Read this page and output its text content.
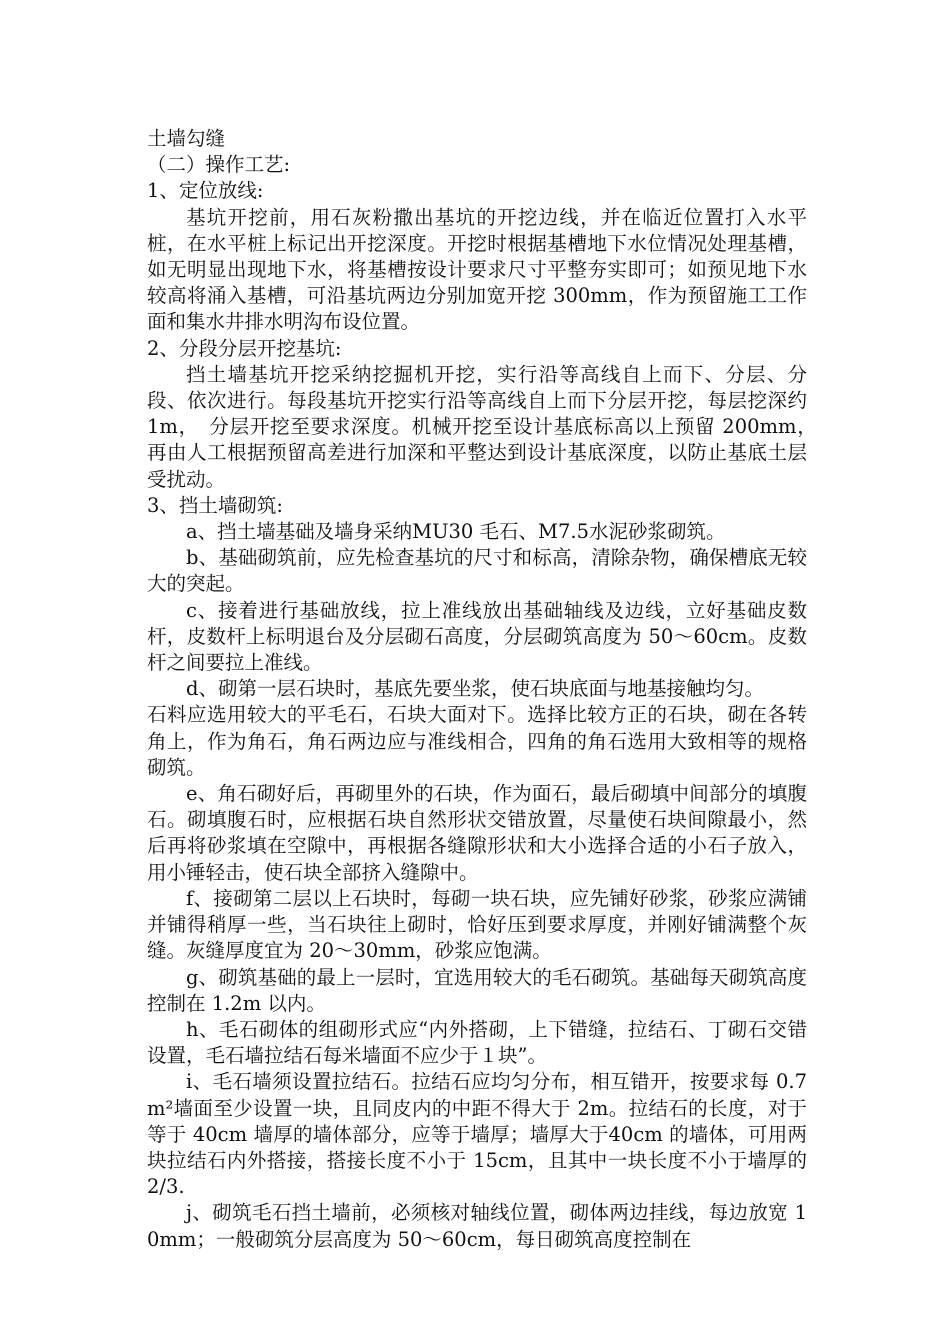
土墙勾缝

（二）操作工艺:

1、定位放线:

基坑开挖前，用石灰粉撒出基坑的开挖边线，并在临近位置打入水平桩，在水平桩上标记出开挖深度。开挖时根据基槽地下水位情况处理基槽，如无明显出现地下水，将基槽按设计要求尺寸平整夯实即可；如预见地下水较高将涌入基槽，可沿基坑两边分别加宽开挖 300mm，作为预留施工工作面和集水井排水明沟布设位置。

2、分段分层开挖基坑:

挡土墙基坑开挖采纳挖掘机开挖，实行沿等高线自上而下、分层、分段、依次进行。每段基坑开挖实行沿等高线自上而下分层开挖，每层挖深约 1m，　分层开挖至要求深度。机械开挖至设计基底标高以上预留 200mm，　再由人工根据预留高差进行加深和平整达到设计基底深度，以防止基底土层受扰动。

3、挡土墙砌筑:

a、挡土墙基础及墙身采纳MU30 毛石、M7.5水泥砂浆砌筑。

b、基础砌筑前，应先检查基坑的尺寸和标高，清除杂物，确保槽底无较大的突起。

c、接着进行基础放线，拉上准线放出基础轴线及边线，立好基础皮数杆，皮数杆上标明退台及分层砌石高度，分层砌筑高度为 50～60cm。皮数杆之间要拉上准线。

d、砌第一层石块时，基底先要坐浆，使石块底面与地基接触均匀。

石料应选用较大的平毛石，石块大面对下。选择比较方正的石块，砌在各转角上，作为角石，角石两边应与准线相合，四角的角石选用大致相等的规格砌筑。

e、角石砌好后，再砌里外的石块，作为面石，最后砌填中间部分的填腹石。砌填腹石时，应根据石块自然形状交错放置，尽量使石块间隙最小，然后再将砂浆填在空隙中，再根据各缝隙形状和大小选择合适的小石子放入，用小锤轻击，使石块全部挤入缝隙中。

f、接砌第二层以上石块时，每砌一块石块，应先铺好砂浆，砂浆应满铺并铺得稍厚一些，当石块往上砌时，恰好压到要求厚度，并刚好铺满整个灰缝。灰缝厚度宜为 20～30mm，砂浆应饱满。

g、砌筑基础的最上一层时，宜选用较大的毛石砌筑。基础每天砌筑高度控制在 1.2m 以内。

h、毛石砌体的组砌形式应“内外搭砌，上下错缝，拉结石、丁砌石交错设置，毛石墙拉结石每米墙面不应少于１块”。

i、毛石墙须设置拉结石。拉结石应均匀分布，相互错开，按要求每 0.7m²墙面至少设置一块，且同皮内的中距不得大于 2m。拉结石的长度，对于等于 40cm 墙厚的墙体部分，应等于墙厚；墙厚大于40cm 的墙体，可用两块拉结石内外搭接，搭接长度不小于 15cm，且其中一块长度不小于墙厚的 2/3.

j、砌筑毛石挡土墙前，必须核对轴线位置，砌体两边挂线，每边放宽 10mm；一般砌筑分层高度为 50～60cm，每日砌筑高度控制在
